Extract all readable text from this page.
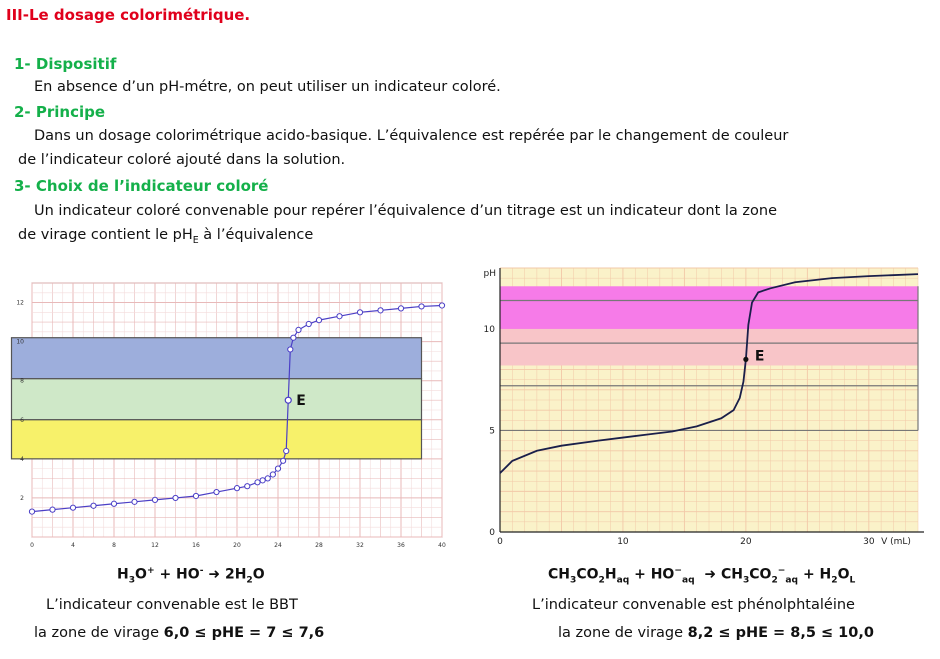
III-Le dosage colorimétrique.
1- Dispositif
En absence d’un pH-métre, on peut utiliser un indicateur coloré.
2- Principe
Dans un dosage colorimétrique acido-basique. L’équivalence est repérée par le changement de couleur
de l’indicateur coloré ajouté dans la solution.
3- Choix de l’indicateur coloré
Un indicateur coloré convenable pour repérer l’équivalence d’un titrage est un indicateur dont la zone
de virage contient le $pH_E$ à l’équivalence
0	4	8	12	16	20	24	28	32	36	40
2
4
6
8
10
12
E
0	10	20	30
0
5
10
pH
V (mL)
E
$H_3O^+ + HO^-$ ➜ $2H_2O$
L’indicateur convenable est le BBT
la zone de virage 6,0 ≤ pHE = 7 ≤ 7,6
$CH_3CO_2H_{aq} + HO^-_{aq}$  ➜ $CH_3CO_2^-_{aq} + H_2O_L$
L’indicateur convenable est phénolphtaléine
la zone de virage 8,2 ≤ pHE = 8,5 ≤ 10,0
